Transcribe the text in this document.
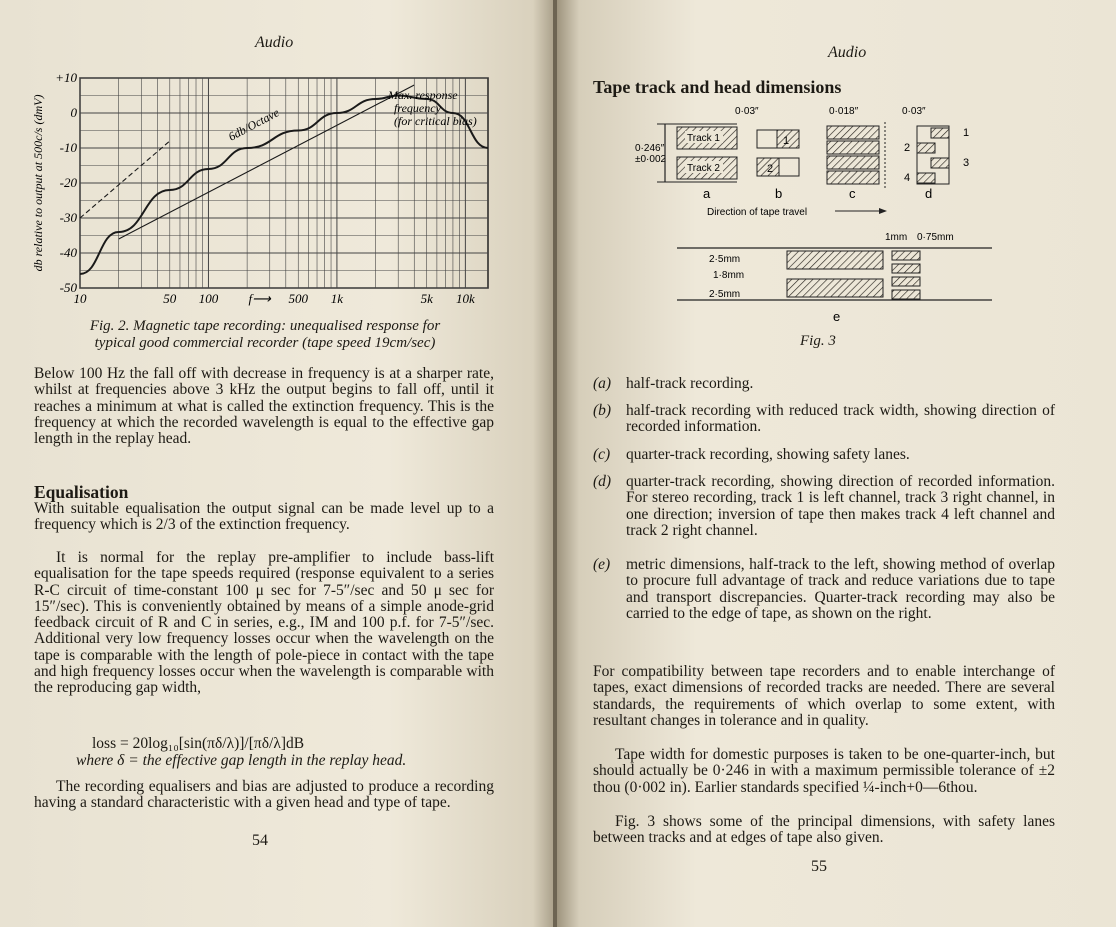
Audio
+10
0
-10
-20
-30
-40
-50
10	50 100 f⟶ 500 1k	5k 10k
db relative to output at 500c/s (dmV)	6db/Octave
Max. response
frequency
(for critical bias)
Fig. 2. Magnetic tape recording: unequalised response for
typical good commercial recorder (tape speed 19cm/sec)

Below 100 Hz the fall off with decrease in frequency is at a sharper rate, whilst at frequencies above 3 kHz the output begins to fall off, until it reaches a minimum at what is called the extinction frequency. This is the frequency at which the recorded wavelength is equal to the effective gap length in the replay head.

Equalisation

With suitable equalisation the output signal can be made level up to a frequency which is 2/3 of the extinction frequency.

It is normal for the replay pre-amplifier to include bass-lift equalisation for the tape speeds required (response equivalent to a series R-C circuit of time-constant 100 μ sec for 7-5″/sec and 50 μ sec for 15″/sec). This is conveniently obtained by means of a simple anode-grid feedback circuit of R and C in series, e.g., IM and 100 p.f. for 7-5″/sec. Additional very low frequency losses occur when the wavelength on the tape is comparable with the length of pole-piece in contact with the tape and high frequency losses occur when the wavelength is comparable with the reproducing gap width,

loss = 20log₁₀[sin(πδ/λ)]/[πδ/λ]dB
where δ = the effective gap length in the replay head.

The recording equalisers and bias are adjusted to produce a recording having a standard characteristic with a given head and type of tape.

54
Audio
Tape track and head dimensions
0·03″	0·018″	0·03″
0·246″
±0·002
Track 1
Track 2
a
1
2
b	c
1
2
3
4
d
Direction of tape travel
1mm 0·75mm
2·5mm
1·8mm
2·5mm
e
Fig. 3
(a) half-track recording.
(b) half-track recording with reduced track width, showing direction of recorded information.
(c) quarter-track recording, showing safety lanes.
(d) quarter-track recording, showing direction of recorded information. For stereo recording, track 1 is left channel, track 3 right channel, in one direction; inversion of tape then makes track 4 left channel and track 2 right channel.
(e) metric dimensions, half-track to the left, showing method of overlap to procure full advantage of track and reduce variations due to tape and transport discrepancies. Quarter-track recording may also be carried to the edge of tape, as shown on the right.

For compatibility between tape recorders and to enable interchange of tapes, exact dimensions of recorded tracks are needed. There are several standards, the requirements of which overlap to some extent, with resultant changes in tolerance and in quality.

Tape width for domestic purposes is taken to be one-quarter-inch, but should actually be 0·246 in with a maximum permissible tolerance of ±2 thou (0·002 in). Earlier standards specified ¼-inch+0—6thou.

Fig. 3 shows some of the principal dimensions, with safety lanes between tracks and at edges of tape also given.

55
